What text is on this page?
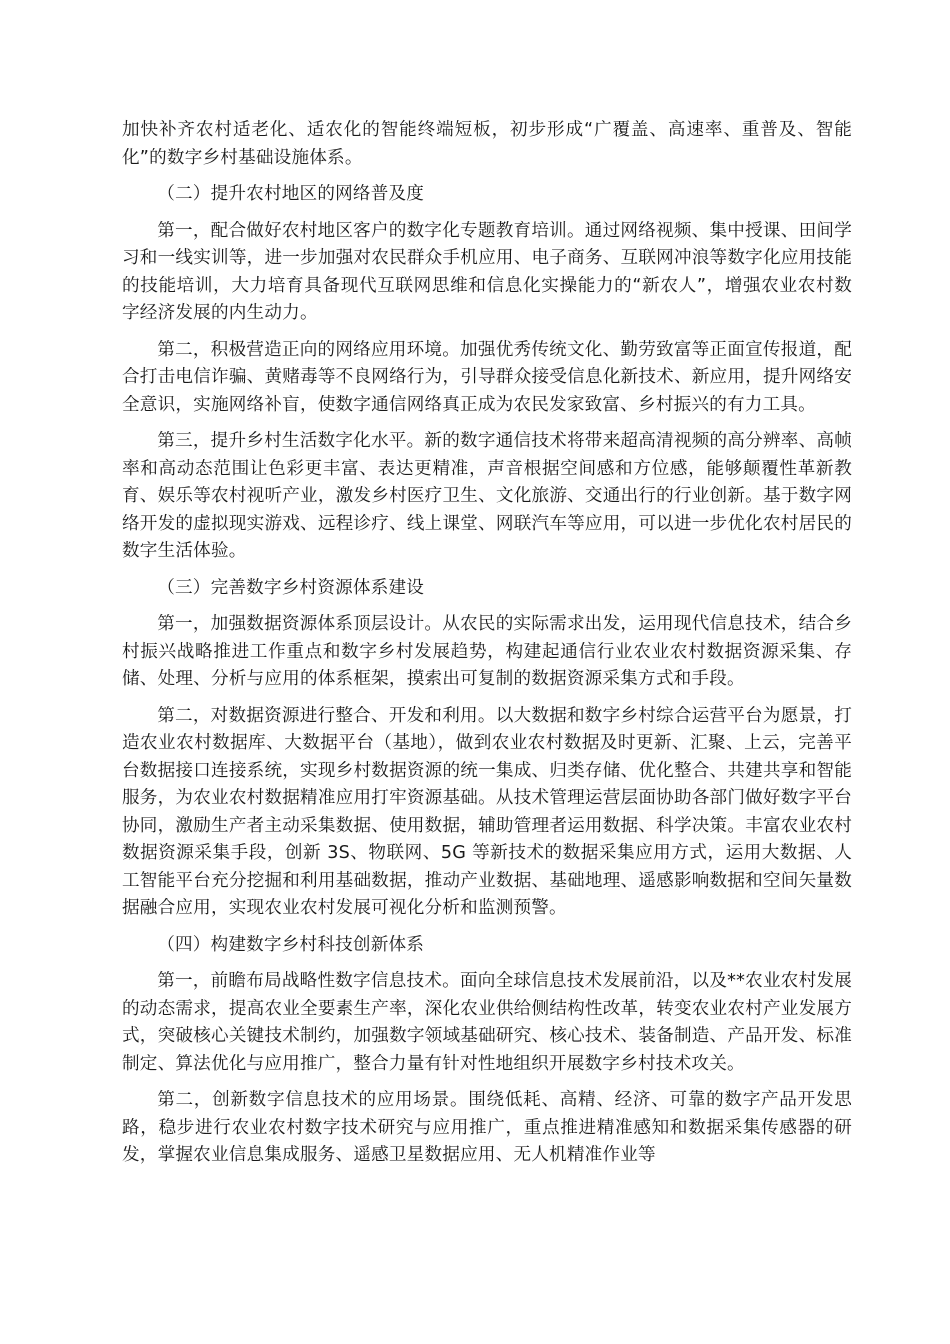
加快补齐农村适老化、适农化的智能终端短板，初步形成“广覆盖、高速率、重普及、智能化”的数字乡村基础设施体系。

（二）提升农村地区的网络普及度

第一，配合做好农村地区客户的数字化专题教育培训。通过网络视频、集中授课、田间学习和一线实训等，进一步加强对农民群众手机应用、电子商务、互联网冲浪等数字化应用技能的技能培训，大力培育具备现代互联网思维和信息化实操能力的“新农人”，增强农业农村数字经济发展的内生动力。

第二，积极营造正向的网络应用环境。加强优秀传统文化、勤劳致富等正面宣传报道，配合打击电信诈骗、黄赌毒等不良网络行为，引导群众接受信息化新技术、新应用，提升网络安全意识，实施网络补盲，使数字通信网络真正成为农民发家致富、乡村振兴的有力工具。

第三，提升乡村生活数字化水平。新的数字通信技术将带来超高清视频的高分辨率、高帧率和高动态范围让色彩更丰富、表达更精准，声音根据空间感和方位感，能够颠覆性革新教育、娱乐等农村视听产业，激发乡村医疗卫生、文化旅游、交通出行的行业创新。基于数字网络开发的虚拟现实游戏、远程诊疗、线上课堂、网联汽车等应用，可以进一步优化农村居民的数字生活体验。

（三）完善数字乡村资源体系建设

第一，加强数据资源体系顶层设计。从农民的实际需求出发，运用现代信息技术，结合乡村振兴战略推进工作重点和数字乡村发展趋势，构建起通信行业农业农村数据资源采集、存储、处理、分析与应用的体系框架，摸索出可复制的数据资源采集方式和手段。

第二，对数据资源进行整合、开发和利用。以大数据和数字乡村综合运营平台为愿景，打造农业农村数据库、大数据平台（基地），做到农业农村数据及时更新、汇聚、上云，完善平台数据接口连接系统，实现乡村数据资源的统一集成、归类存储、优化整合、共建共享和智能服务，为农业农村数据精准应用打牢资源基础。从技术管理运营层面协助各部门做好数字平台协同，激励生产者主动采集数据、使用数据，辅助管理者运用数据、科学决策。丰富农业农村数据资源采集手段，创新 3S、物联网、5G 等新技术的数据采集应用方式，运用大数据、人工智能平台充分挖掘和利用基础数据，推动产业数据、基础地理、遥感影响数据和空间矢量数据融合应用，实现农业农村发展可视化分析和监测预警。

（四）构建数字乡村科技创新体系

第一，前瞻布局战略性数字信息技术。面向全球信息技术发展前沿，以及**农业农村发展的动态需求，提高农业全要素生产率，深化农业供给侧结构性改革，转变农业农村产业发展方式，突破核心关键技术制约，加强数字领域基础研究、核心技术、装备制造、产品开发、标准制定、算法优化与应用推广，整合力量有针对性地组织开展数字乡村技术攻关。

第二，创新数字信息技术的应用场景。围绕低耗、高精、经济、可靠的数字产品开发思路，稳步进行农业农村数字技术研究与应用推广，重点推进精准感知和数据采集传感器的研发，掌握农业信息集成服务、遥感卫星数据应用、无人机精准作业等
